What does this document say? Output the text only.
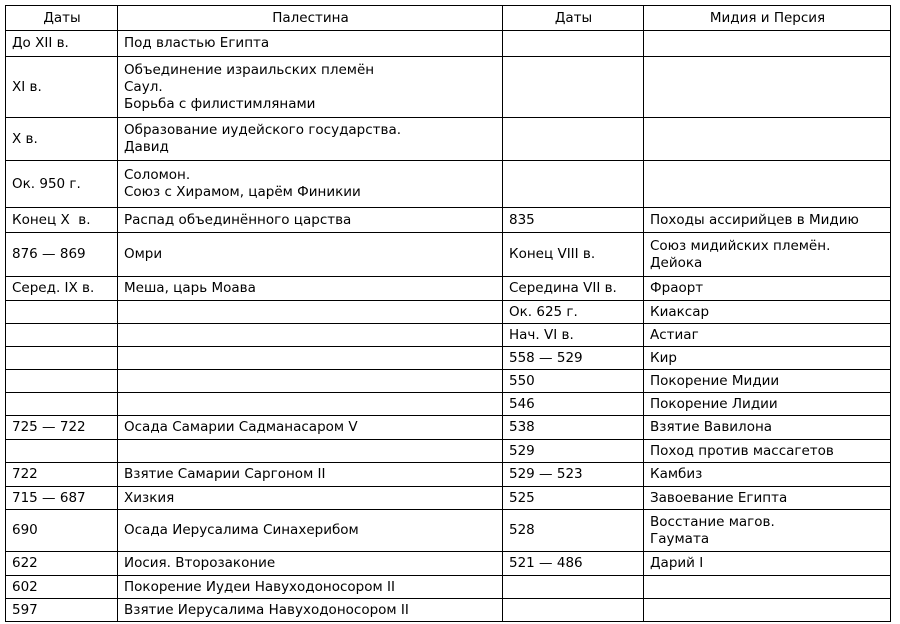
Даты	Палестина	Даты	Мидия и Персия

До XII в.	Под властью Египта		

XI в.	Объединение израильских племён
Саул.
Борьба с филистимлянами		

X в.	Образование иудейского государства.
Давид		

Ок. 950 г.	Соломон.
Союз с Хирамом, царём Финикии		

Конец X  в.	Распад объединённого царства	835	Походы ассирийцев в Мидию

876 — 869	Омри	Конец VIII в.	Союз мидийских племён.
Дейока

Серед. IX в.	Меша, царь Моава	Середина VII в.	Фраорт

		Ок. 625 г.	Киаксар

		Нач. VI в.	Астиаг

		558 — 529	Кир

		550	Покорение Мидии

		546	Покорение Лидии

725 — 722	Осада Самарии Садманасаром V	538	Взятие Вавилона

		529	Поход против массагетов

722	Взятие Самарии Саргоном II	529 — 523	Камбиз

715 — 687	Хизкия	525	Завоевание Египта

690	Осада Иерусалима Синахерибом	528	Восстание магов.
Гаумата

622	Иосия. Второзаконие	521 — 486	Дарий I

602	Покорение Иудеи Навуходоносором II		

597	Взятие Иерусалима Навуходоносором II		
